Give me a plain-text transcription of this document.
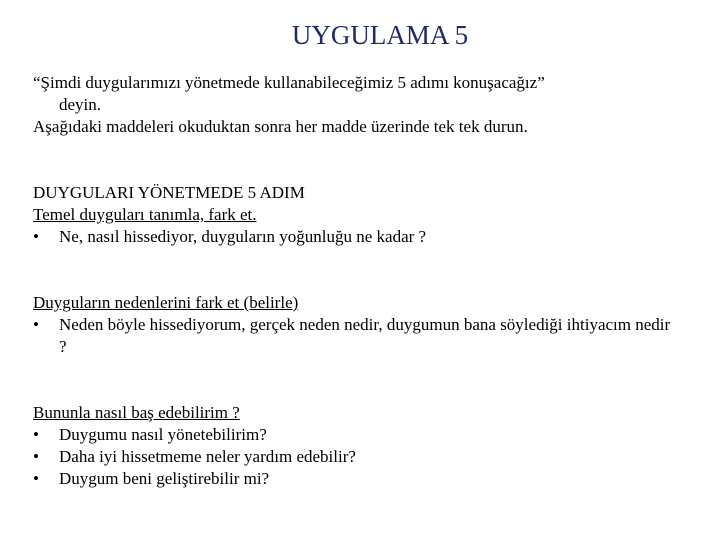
UYGULAMA 5

“Şimdi duygularımızı yönetmede kullanabileceğimiz 5 adımı konuşacağız”

deyin.

Aşağıdaki maddeleri okuduktan sonra her madde üzerinde tek tek durun.

DUYGULARI YÖNETMEDE 5 ADIM

Temel duyguları tanımla, fark et.

•	Ne, nasıl hissediyor, duyguların yoğunluğu ne kadar ?

Duyguların nedenlerini fark et (belirle)

•	Neden böyle hissediyorum, gerçek neden nedir, duygumun bana söylediği ihtiyacım nedir ?

Bununla nasıl baş edebilirim ?

•	Duygumu nasıl yönetebilirim?
•	Daha iyi hissetmeme neler yardım edebilir?
•	Duygum beni geliştirebilir mi?
